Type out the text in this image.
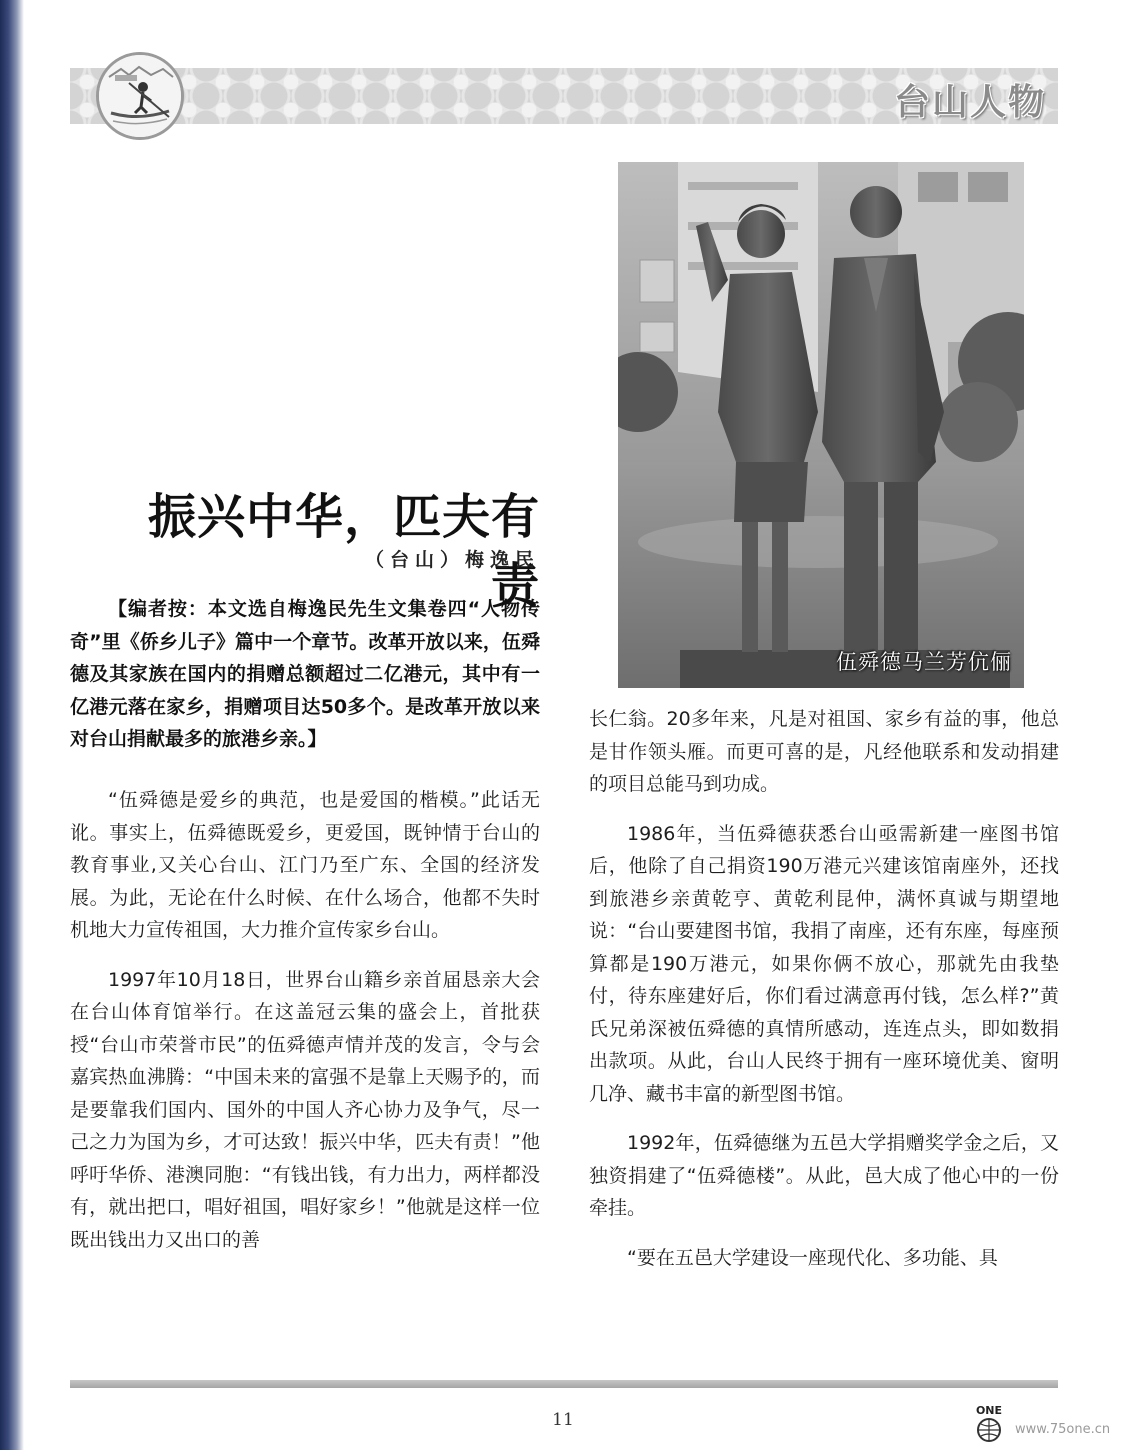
台山人物
伍舜德马兰芳伉俪
振兴中华，匹夫有责
（台山）梅逸民
【编者按：本文选自梅逸民先生文集卷四“人物传奇”里《侨乡儿子》篇中一个章节。改革开放以来，伍舜德及其家族在国内的捐赠总额超过二亿港元，其中有一亿港元落在家乡，捐赠项目达50多个。是改革开放以来对台山捐献最多的旅港乡亲。】

“伍舜德是爱乡的典范，也是爱国的楷模。”此话无讹。事实上，伍舜德既爱乡，更爱国，既钟情于台山的教育事业,又关心台山、江门乃至广东、全国的经济发展。为此，无论在什么时候、在什么场合，他都不失时机地大力宣传祖国，大力推介宣传家乡台山。

1997年10月18日，世界台山籍乡亲首届恳亲大会在台山体育馆举行。在这盖冠云集的盛会上，首批获授“台山市荣誉市民”的伍舜德声情并茂的发言，令与会嘉宾热血沸腾：“中国未来的富强不是靠上天赐予的，而是要靠我们国内、国外的中国人齐心协力及争气，尽一己之力为国为乡，才可达致！振兴中华，匹夫有责！”他呼吁华侨、港澳同胞：“有钱出钱，有力出力，两样都没有，就出把口，唱好祖国，唱好家乡！”他就是这样一位既出钱出力又出口的善

长仁翁。20多年来，凡是对祖国、家乡有益的事，他总是甘作领头雁。而更可喜的是，凡经他联系和发动捐建的项目总能马到功成。

1986年，当伍舜德获悉台山亟需新建一座图书馆后，他除了自己捐资190万港元兴建该馆南座外，还找到旅港乡亲黄乾亨、黄乾利昆仲，满怀真诚与期望地说：“台山要建图书馆，我捐了南座，还有东座，每座预算都是190万港元，如果你俩不放心，那就先由我垫付，待东座建好后，你们看过满意再付钱，怎么样?”黄氏兄弟深被伍舜德的真情所感动，连连点头，即如数捐出款项。从此，台山人民终于拥有一座环境优美、窗明几净、藏书丰富的新型图书馆。

1992年，伍舜德继为五邑大学捐赠奖学金之后，又独资捐建了“伍舜德楼”。从此，邑大成了他心中的一份牵挂。

“要在五邑大学建设一座现代化、多功能、具

11	ONE
www.75one.cn
